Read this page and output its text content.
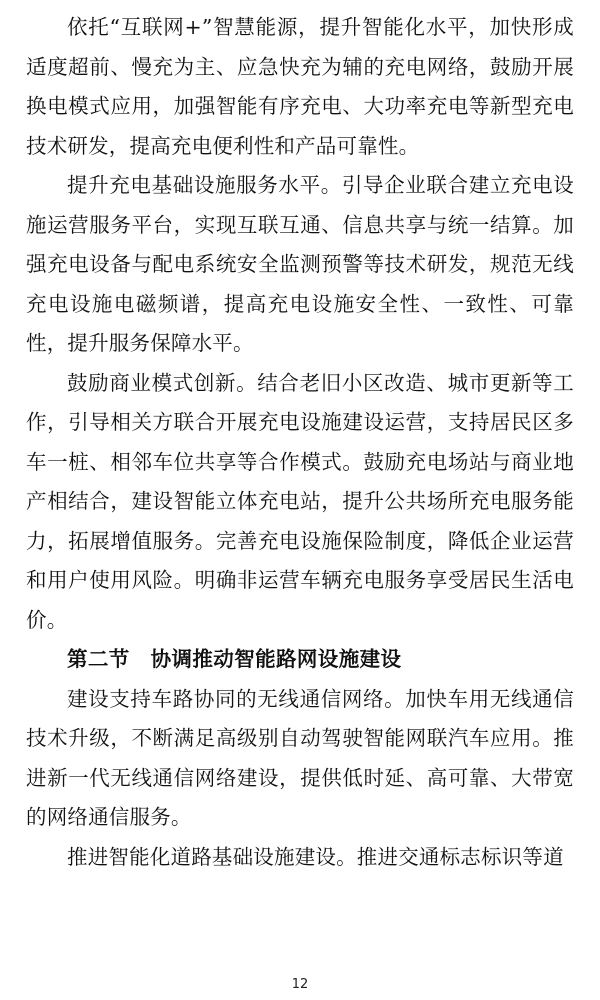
依托“互联网+”智慧能源，提升智能化水平，加快形成适度超前、慢充为主、应急快充为辅的充电网络，鼓励开展换电模式应用，加强智能有序充电、大功率充电等新型充电技术研发，提高充电便利性和产品可靠性。

提升充电基础设施服务水平。引导企业联合建立充电设施运营服务平台，实现互联互通、信息共享与统一结算。加强充电设备与配电系统安全监测预警等技术研发，规范无线充电设施电磁频谱，提高充电设施安全性、一致性、可靠性，提升服务保障水平。

鼓励商业模式创新。结合老旧小区改造、城市更新等工作，引导相关方联合开展充电设施建设运营，支持居民区多车一桩、相邻车位共享等合作模式。鼓励充电场站与商业地产相结合，建设智能立体充电站，提升公共场所充电服务能力，拓展增值服务。完善充电设施保险制度，降低企业运营和用户使用风险。明确非运营车辆充电服务享受居民生活电价。

第二节　协调推动智能路网设施建设

建设支持车路协同的无线通信网络。加快车用无线通信技术升级，不断满足高级别自动驾驶智能网联汽车应用。推进新一代无线通信网络建设，提供低时延、高可靠、大带宽的网络通信服务。

推进智能化道路基础设施建设。推进交通标志标识等道

12
